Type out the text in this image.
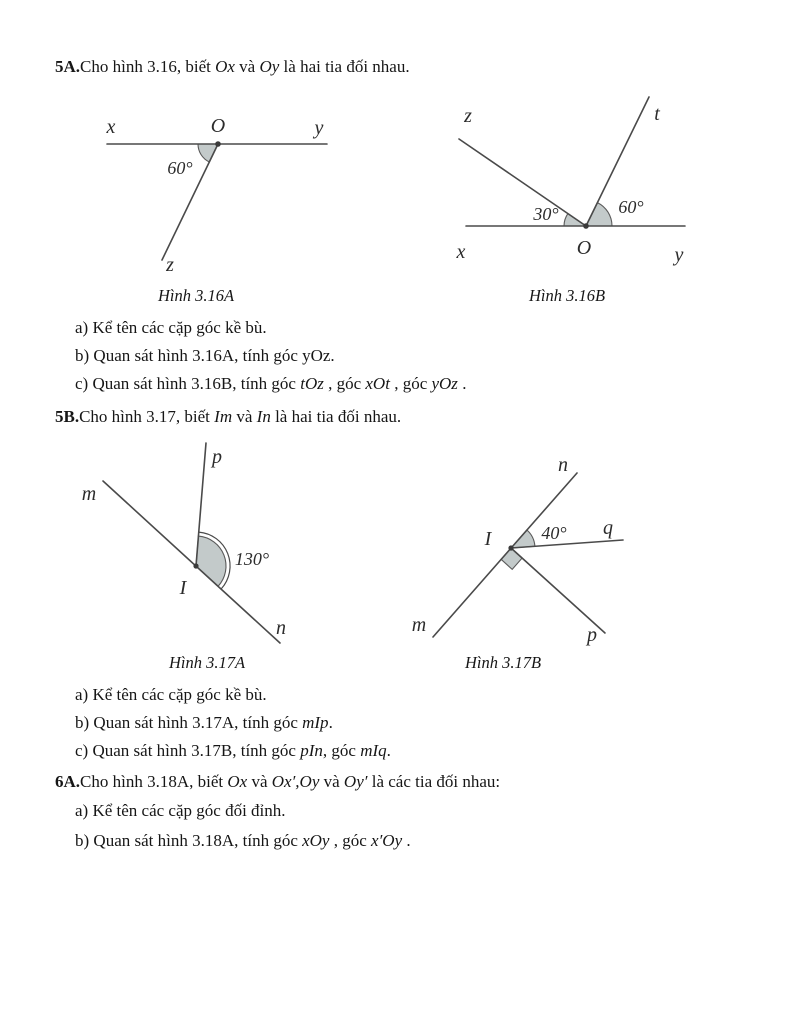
5A.Cho hình 3.16, biết Ox và Oy là hai tia đối nhau.
x	O	y
z
60°
z	t
x	O	y
30°	60°
Hình 3.16A	Hình 3.16B
a) Kể tên các cặp góc kề bù.
b) Quan sát hình 3.16A, tính góc yOz.
c) Quan sát hình 3.16B, tính góc tOz , góc xOt , góc yOz .
5B.Cho hình 3.17, biết Im và In là hai tia đối nhau.
p
m
n
I
130°
n
m
q
p
I	40°
Hình 3.17A	Hình 3.17B
a) Kể tên các cặp góc kề bù.
b) Quan sát hình 3.17A, tính góc mIp.
c) Quan sát hình 3.17B, tính góc pIn, góc mIq.
6A.Cho hình 3.18A, biết Ox và Ox′,Oy và Oy′ là các tia đối nhau:
a) Kể tên các cặp góc đối đỉnh.
b) Quan sát hình 3.18A, tính góc xOy , góc x′Oy .
